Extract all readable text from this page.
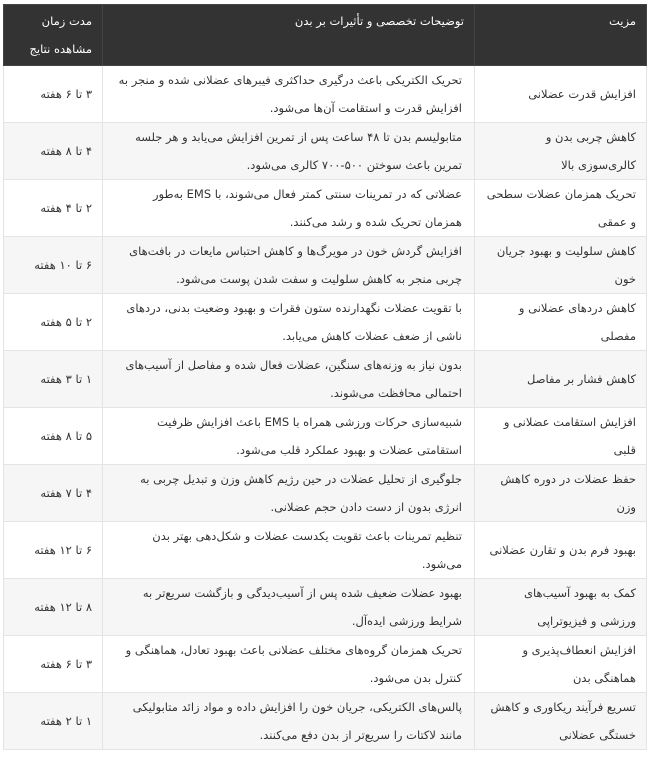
مزیت	توضیحات تخصصی و تأثیرات بر بدن	مدت زمان مشاهده نتایج
افزایش قدرت عضلانی	تحریک الکتریکی باعث درگیری حداکثری فیبرهای عضلانی شده و منجر به افزایش قدرت و استقامت آن‌ها می‌شود.	۳ تا ۶ هفته
کاهش چربی بدن و کالری‌سوزی بالا	متابولیسم بدن تا ۴۸ ساعت پس از تمرین افزایش می‌یابد و هر جلسه تمرین باعث سوختن ۵۰۰-۷۰۰ کالری می‌شود.	۴ تا ۸ هفته
تحریک همزمان عضلات سطحی و عمقی	عضلاتی که در تمرینات سنتی کمتر فعال می‌شوند، با EMS به‌طور همزمان تحریک شده و رشد می‌کنند.	۲ تا ۴ هفته
کاهش سلولیت و بهبود جریان خون	افزایش گردش خون در مویرگ‌ها و کاهش احتباس مایعات در بافت‌های چربی منجر به کاهش سلولیت و سفت شدن پوست می‌شود.	۶ تا ۱۰ هفته
کاهش دردهای عضلانی و مفصلی	با تقویت عضلات نگهدارنده ستون فقرات و بهبود وضعیت بدنی، دردهای ناشی از ضعف عضلات کاهش می‌یابد.	۲ تا ۵ هفته
کاهش فشار بر مفاصل	بدون نیاز به وزنه‌های سنگین، عضلات فعال شده و مفاصل از آسیب‌های احتمالی محافظت می‌شوند.	۱ تا ۳ هفته
افزایش استقامت عضلانی و قلبی	شبیه‌سازی حرکات ورزشی همراه با EMS باعث افزایش ظرفیت استقامتی عضلات و بهبود عملکرد قلب می‌شود.	۵ تا ۸ هفته
حفظ عضلات در دوره کاهش وزن	جلوگیری از تحلیل عضلات در حین رژیم کاهش وزن و تبدیل چربی به انرژی بدون از دست دادن حجم عضلانی.	۴ تا ۷ هفته
بهبود فرم بدن و تقارن عضلانی	تنظیم تمرینات باعث تقویت یکدست عضلات و شکل‌دهی بهتر بدن می‌شود.	۶ تا ۱۲ هفته
کمک به بهبود آسیب‌های ورزشی و فیزیوتراپی	بهبود عضلات ضعیف شده پس از آسیب‌دیدگی و بازگشت سریع‌تر به شرایط ورزشی ایده‌آل.	۸ تا ۱۲ هفته
افزایش انعطاف‌پذیری و هماهنگی بدن	تحریک همزمان گروه‌های مختلف عضلانی باعث بهبود تعادل، هماهنگی و کنترل بدن می‌شود.	۳ تا ۶ هفته
تسریع فرآیند ریکاوری و کاهش خستگی عضلانی	پالس‌های الکتریکی، جریان خون را افزایش داده و مواد زائد متابولیکی مانند لاکتات را سریع‌تر از بدن دفع می‌کنند.	۱ تا ۲ هفته
